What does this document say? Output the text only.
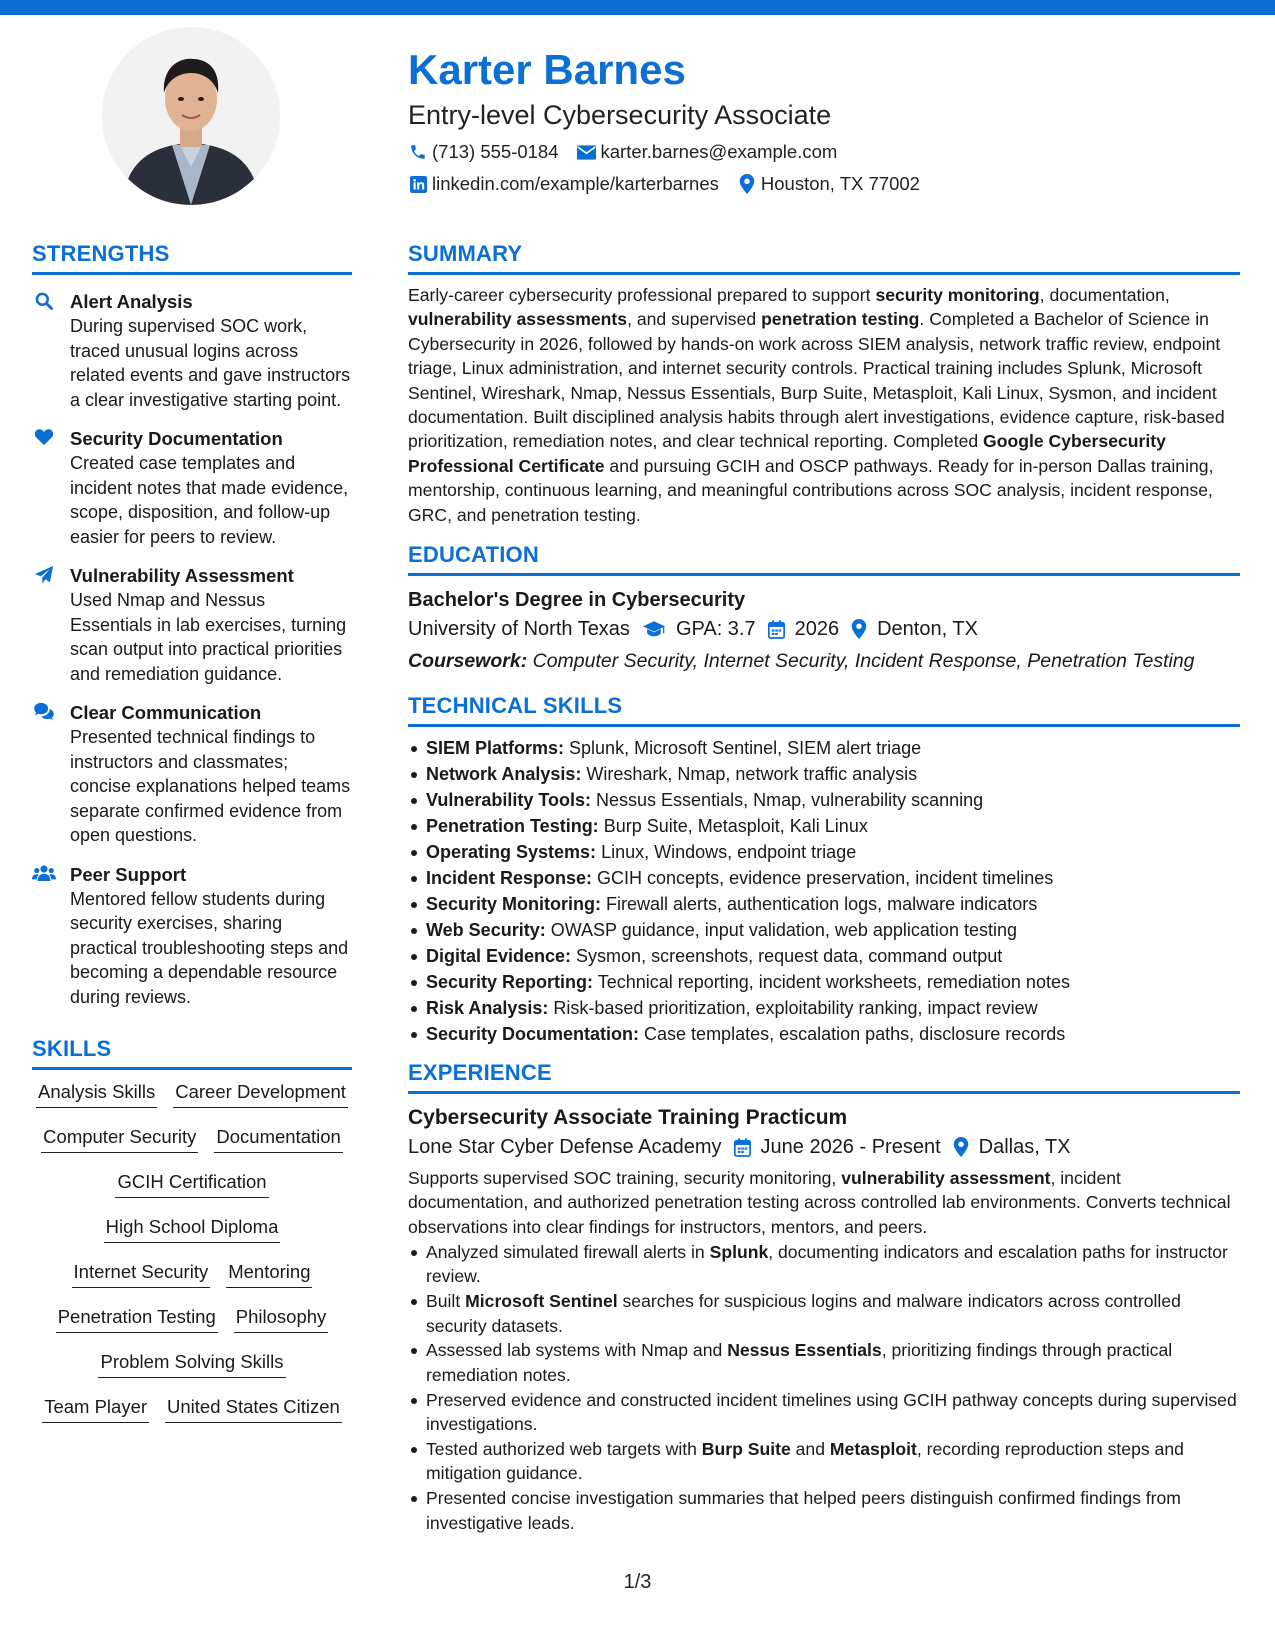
Karter Barnes
Entry-level Cybersecurity Associate
(713) 555-0184 karter.barnes@example.com
linkedin.com/example/karterbarnes Houston, TX 77002
STRENGTHS
Alert Analysis
During supervised SOC work, traced unusual logins across related events and gave instructors a clear investigative starting point.
Security Documentation
Created case templates and incident notes that made evidence, scope, disposition, and follow-up easier for peers to review.
Vulnerability Assessment
Used Nmap and Nessus Essentials in lab exercises, turning scan output into practical priorities and remediation guidance.
Clear Communication
Presented technical findings to instructors and classmates; concise explanations helped teams separate confirmed evidence from open questions.
Peer Support
Mentored fellow students during security exercises, sharing practical troubleshooting steps and becoming a dependable resource during reviews.
SKILLS
Analysis Skills Career Development
Computer Security Documentation
GCIH Certification
High School Diploma
Internet Security Mentoring
Penetration Testing Philosophy
Problem Solving Skills
Team Player United States Citizen
SUMMARY
Early-career cybersecurity professional prepared to support security monitoring, documentation, vulnerability assessments, and supervised penetration testing. Completed a Bachelor of Science in Cybersecurity in 2026, followed by hands-on work across SIEM analysis, network traffic review, endpoint triage, Linux administration, and internet security controls. Practical training includes Splunk, Microsoft Sentinel, Wireshark, Nmap, Nessus Essentials, Burp Suite, Metasploit, Kali Linux, Sysmon, and incident documentation. Built disciplined analysis habits through alert investigations, evidence capture, risk-based prioritization, remediation notes, and clear technical reporting. Completed Google Cybersecurity Professional Certificate and pursuing GCIH and OSCP pathways. Ready for in-person Dallas training, mentorship, continuous learning, and meaningful contributions across SOC analysis, incident response, GRC, and penetration testing.
EDUCATION
Bachelor's Degree in Cybersecurity
University of North Texas GPA: 3.7 2026 Denton, TX
Coursework: Computer Security, Internet Security, Incident Response, Penetration Testing
TECHNICAL SKILLS
SIEM Platforms: Splunk, Microsoft Sentinel, SIEM alert triage
Network Analysis: Wireshark, Nmap, network traffic analysis
Vulnerability Tools: Nessus Essentials, Nmap, vulnerability scanning
Penetration Testing: Burp Suite, Metasploit, Kali Linux
Operating Systems: Linux, Windows, endpoint triage
Incident Response: GCIH concepts, evidence preservation, incident timelines
Security Monitoring: Firewall alerts, authentication logs, malware indicators
Web Security: OWASP guidance, input validation, web application testing
Digital Evidence: Sysmon, screenshots, request data, command output
Security Reporting: Technical reporting, incident worksheets, remediation notes
Risk Analysis: Risk-based prioritization, exploitability ranking, impact review
Security Documentation: Case templates, escalation paths, disclosure records
EXPERIENCE
Cybersecurity Associate Training Practicum
Lone Star Cyber Defense Academy June 2026 - Present Dallas, TX
Supports supervised SOC training, security monitoring, vulnerability assessment, incident documentation, and authorized penetration testing across controlled lab environments. Converts technical observations into clear findings for instructors, mentors, and peers.
Analyzed simulated firewall alerts in Splunk, documenting indicators and escalation paths for instructor review.
Built Microsoft Sentinel searches for suspicious logins and malware indicators across controlled security datasets.
Assessed lab systems with Nmap and Nessus Essentials, prioritizing findings through practical remediation notes.
Preserved evidence and constructed incident timelines using GCIH pathway concepts during supervised investigations.
Tested authorized web targets with Burp Suite and Metasploit, recording reproduction steps and mitigation guidance.
Presented concise investigation summaries that helped peers distinguish confirmed findings from investigative leads.
1/3
